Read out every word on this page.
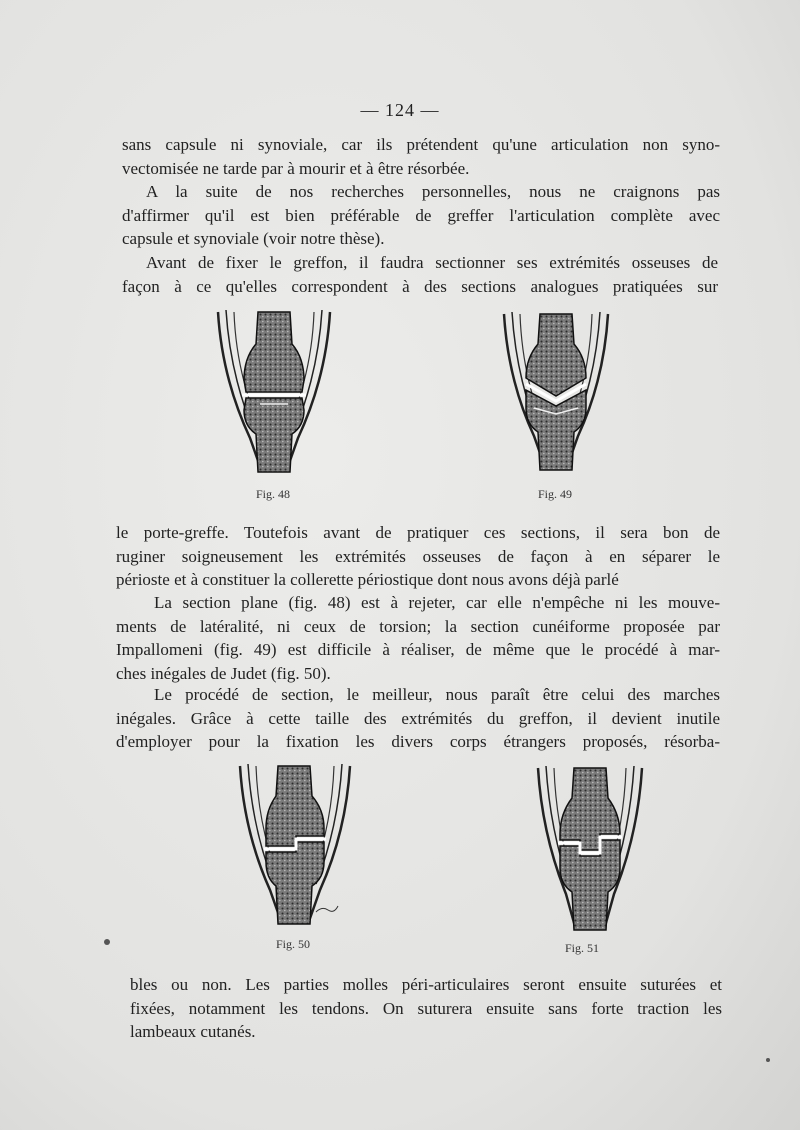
— 124 —

sans capsule ni synoviale, car ils prétendent qu'une articulation non syno-
vectomisée ne tarde par à mourir et à être résorbée.

A la suite de nos recherches personnelles, nous ne craignons pas
d'affirmer qu'il est bien préférable de greffer l'articulation complète avec
capsule et synoviale (voir notre thèse).

Avant de fixer le greffon, il faudra sectionner ses extrémités osseuses de
façon à ce qu'elles correspondent à des sections analogues pratiquées sur

Fig. 48	Fig. 49

le porte-greffe. Toutefois avant de pratiquer ces sections, il sera bon de
ruginer soigneusement les extrémités osseuses de façon à en séparer le
périoste et à constituer la collerette périostique dont nous avons déjà parlé

La section plane (fig. 48) est à rejeter, car elle n'empêche ni les mouve-
ments de latéralité, ni ceux de torsion; la section cunéiforme proposée par
Impallomeni (fig. 49) est difficile à réaliser, de même que le procédé à mar-
ches inégales de Judet (fig. 50).

Le procédé de section, le meilleur, nous paraît être celui des marches
inégales. Grâce à cette taille des extrémités du greffon, il devient inutile
d'employer pour la fixation les divers corps étrangers proposés, résorba-

Fig. 50	Fig. 51

bles ou non. Les parties molles péri-articulaires seront ensuite suturées et
fixées, notamment les tendons. On suturera ensuite sans forte traction les
lambeaux cutanés.
